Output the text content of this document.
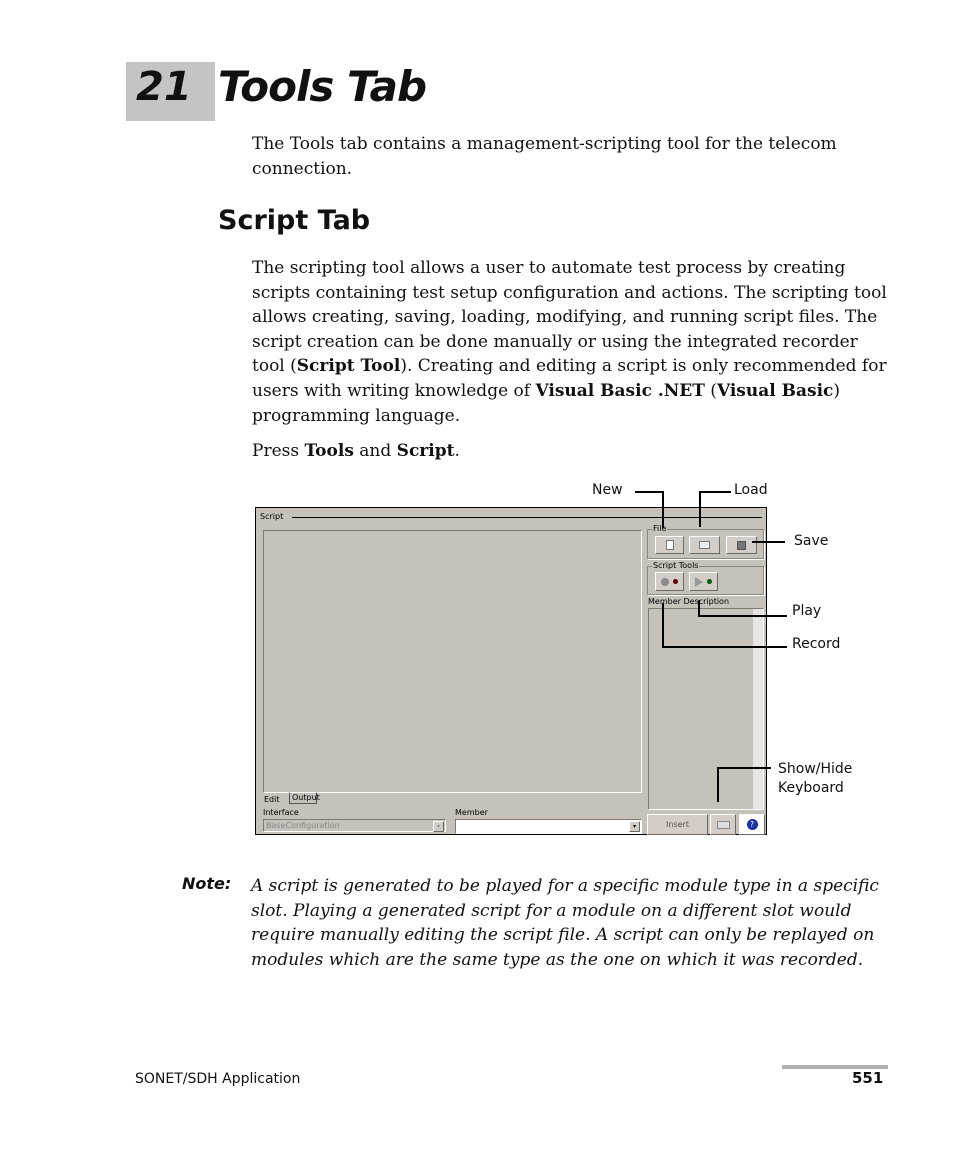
21 Tools Tab
The Tools tab contains a management-scripting tool for the telecom connection.
Script Tab
The scripting tool allows a user to automate test process by creating scripts containing test setup configuration and actions. The scripting tool allows creating, saving, loading, modifying, and running script files. The script creation can be done manually or using the integrated recorder tool (Script Tool). Creating and editing a script is only recommended for users with writing knowledge of Visual Basic .NET (Visual Basic) programming language.
Press Tools and Script.
Script
Edit	Output
Interface
BaseConfiguration	▾
Member
▾
File
Script Tools
Member Description
Insert	?
New	Load
Save
Play
Record
Show/Hide
Keyboard
Note: A script is generated to be played for a specific module type in a specific slot. Playing a generated script for a module on a different slot would require manually editing the script file. A script can only be replayed on modules which are the same type as the one on which it was recorded.
SONET/SDH Application	551
